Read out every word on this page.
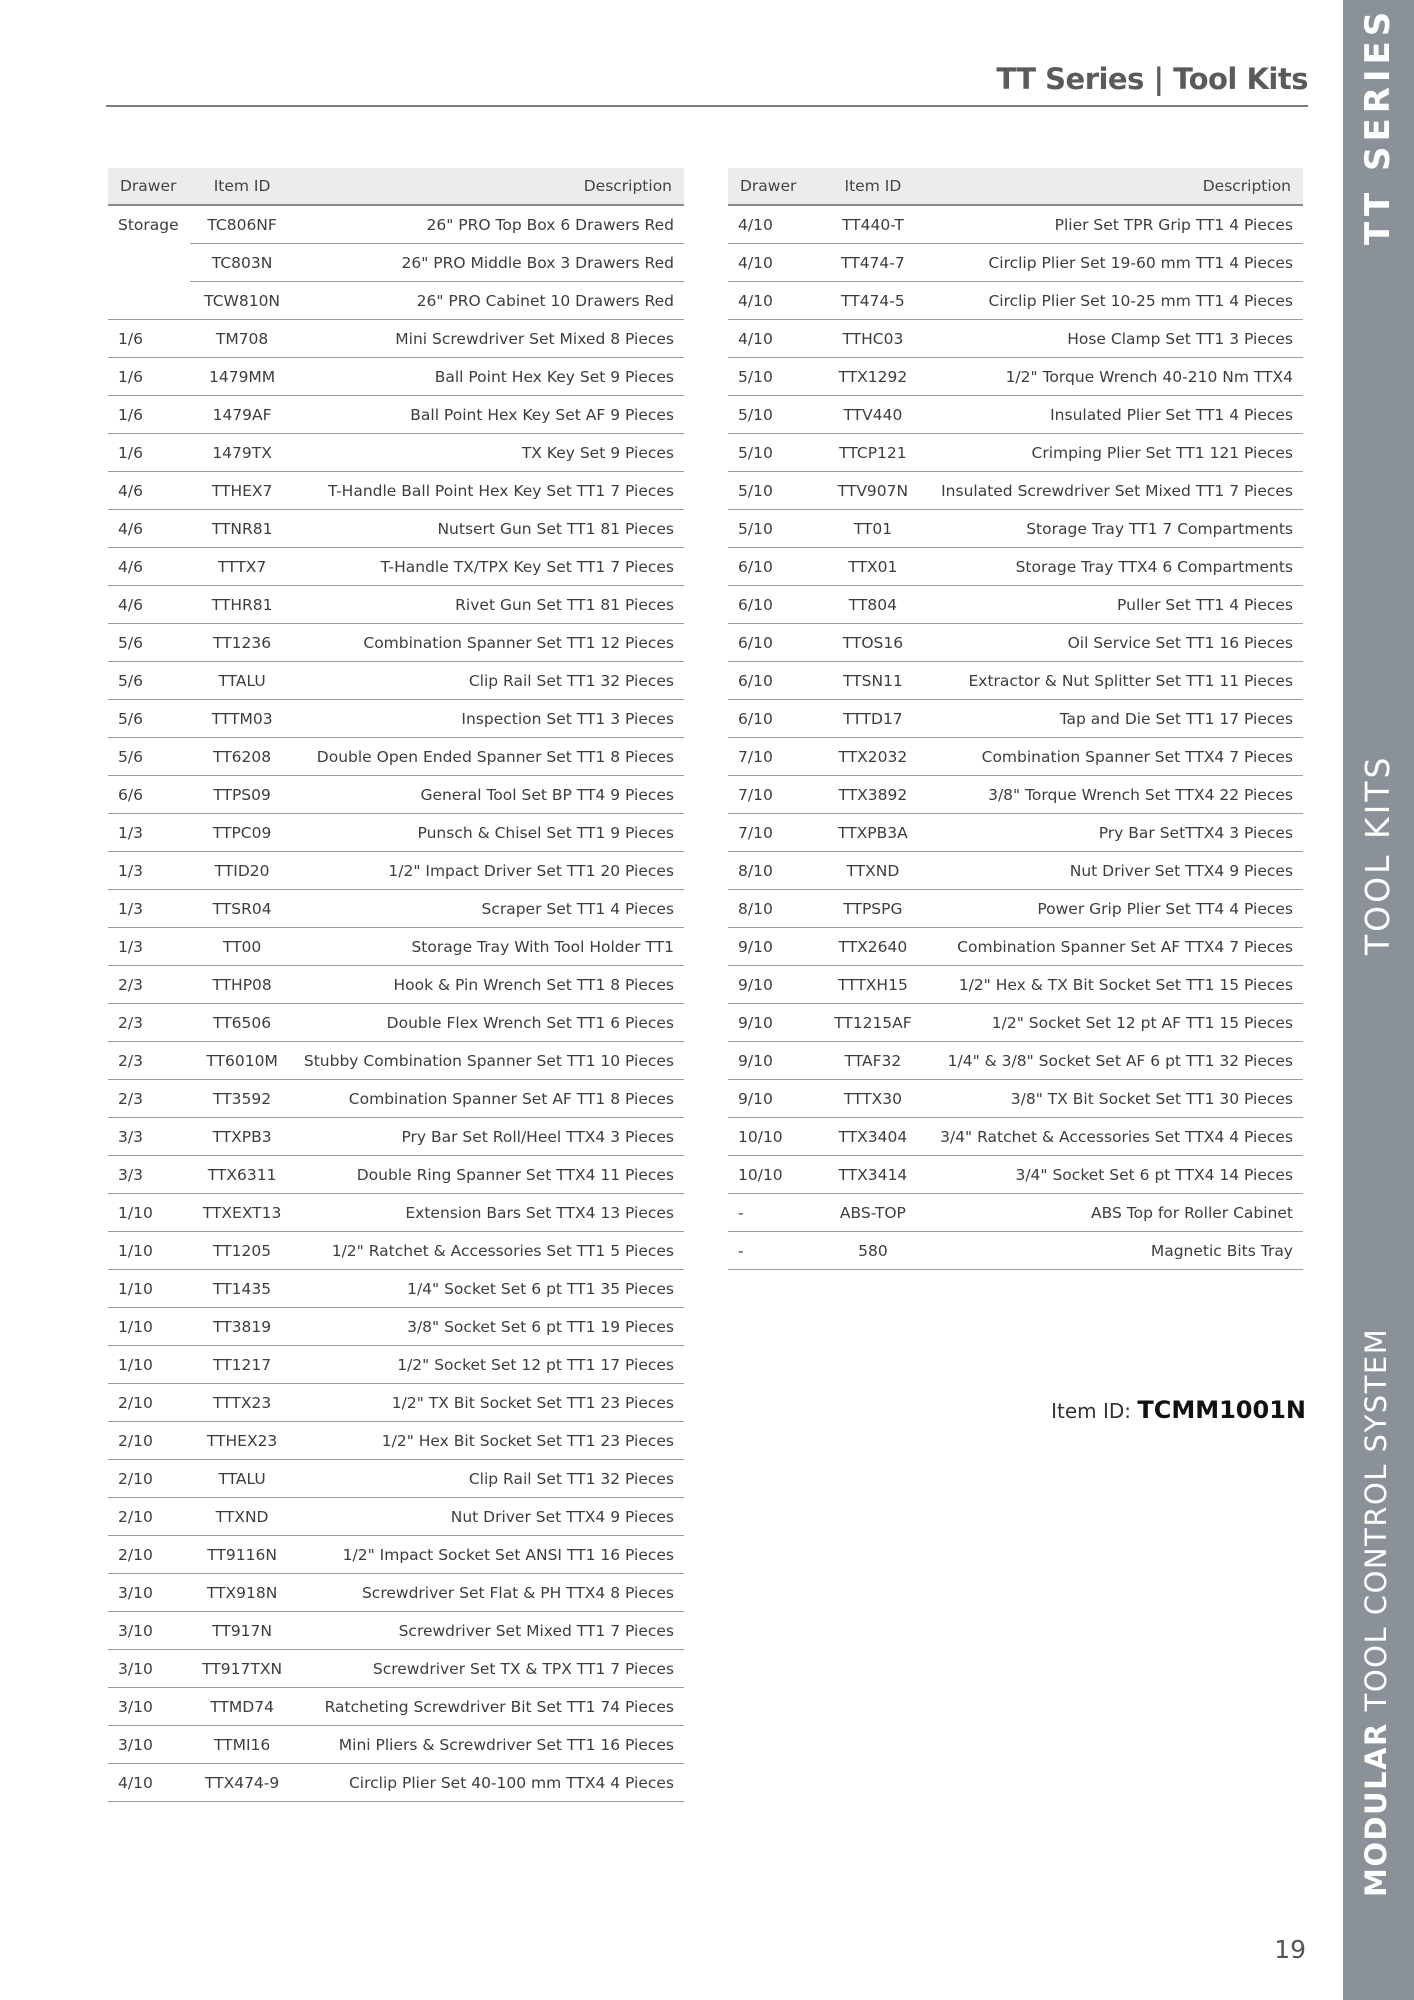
TT Series | Tool Kits
Drawer	Item ID	Description
Storage	TC806NF	26" PRO Top Box 6 Drawers Red
	TC803N	26" PRO Middle Box 3 Drawers Red
	TCW810N	26" PRO Cabinet 10 Drawers Red
1/6	TM708	Mini Screwdriver Set Mixed 8 Pieces
1/6	1479MM	Ball Point Hex Key Set 9 Pieces
1/6	1479AF	Ball Point Hex Key Set AF 9 Pieces
1/6	1479TX	TX Key Set 9 Pieces
4/6	TTHEX7	T-Handle Ball Point Hex Key Set TT1 7 Pieces
4/6	TTNR81	Nutsert Gun Set TT1 81 Pieces
4/6	TTTX7	T-Handle TX/TPX Key Set TT1 7 Pieces
4/6	TTHR81	Rivet Gun Set TT1 81 Pieces
5/6	TT1236	Combination Spanner Set TT1 12 Pieces
5/6	TTALU	Clip Rail Set TT1 32 Pieces
5/6	TTTM03	Inspection Set TT1 3 Pieces
5/6	TT6208	Double Open Ended Spanner Set TT1 8 Pieces
6/6	TTPS09	General Tool Set BP TT4 9 Pieces
1/3	TTPC09	Punsch & Chisel Set TT1 9 Pieces
1/3	TTID20	1/2" Impact Driver Set TT1 20 Pieces
1/3	TTSR04	Scraper Set TT1 4 Pieces
1/3	TT00	Storage Tray With Tool Holder TT1
2/3	TTHP08	Hook & Pin Wrench Set TT1 8 Pieces
2/3	TT6506	Double Flex Wrench Set TT1 6 Pieces
2/3	TT6010M	Stubby Combination Spanner Set TT1 10 Pieces
2/3	TT3592	Combination Spanner Set AF TT1 8 Pieces
3/3	TTXPB3	Pry Bar Set Roll/Heel TTX4 3 Pieces
3/3	TTX6311	Double Ring Spanner Set TTX4 11 Pieces
1/10	TTXEXT13	Extension Bars Set TTX4 13 Pieces
1/10	TT1205	1/2" Ratchet & Accessories Set TT1 5 Pieces
1/10	TT1435	1/4" Socket Set 6 pt TT1 35 Pieces
1/10	TT3819	3/8" Socket Set 6 pt TT1 19 Pieces
1/10	TT1217	1/2" Socket Set 12 pt TT1 17 Pieces
2/10	TTTX23	1/2" TX Bit Socket Set TT1 23 Pieces
2/10	TTHEX23	1/2" Hex Bit Socket Set TT1 23 Pieces
2/10	TTALU	Clip Rail Set TT1 32 Pieces
2/10	TTXND	Nut Driver Set TTX4 9 Pieces
2/10	TT9116N	1/2" Impact Socket Set ANSI TT1 16 Pieces
3/10	TTX918N	Screwdriver Set Flat & PH TTX4 8 Pieces
3/10	TT917N	Screwdriver Set Mixed TT1 7 Pieces
3/10	TT917TXN	Screwdriver Set TX & TPX TT1 7 Pieces
3/10	TTMD74	Ratcheting Screwdriver Bit Set TT1 74 Pieces
3/10	TTMI16	Mini Pliers & Screwdriver Set TT1 16 Pieces
4/10	TTX474-9	Circlip Plier Set 40-100 mm TTX4 4 Pieces
Drawer	Item ID	Description
4/10	TT440-T	Plier Set TPR Grip TT1 4 Pieces
4/10	TT474-7	Circlip Plier Set 19-60 mm TT1 4 Pieces
4/10	TT474-5	Circlip Plier Set 10-25 mm TT1 4 Pieces
4/10	TTHC03	Hose Clamp Set TT1 3 Pieces
5/10	TTX1292	1/2" Torque Wrench 40-210 Nm TTX4
5/10	TTV440	Insulated Plier Set TT1 4 Pieces
5/10	TTCP121	Crimping Plier Set TT1 121 Pieces
5/10	TTV907N	Insulated Screwdriver Set Mixed TT1 7 Pieces
5/10	TT01	Storage Tray TT1 7 Compartments
6/10	TTX01	Storage Tray TTX4 6 Compartments
6/10	TT804	Puller Set TT1 4 Pieces
6/10	TTOS16	Oil Service Set TT1 16 Pieces
6/10	TTSN11	Extractor & Nut Splitter Set TT1 11 Pieces
6/10	TTTD17	Tap and Die Set TT1 17 Pieces
7/10	TTX2032	Combination Spanner Set TTX4 7 Pieces
7/10	TTX3892	3/8" Torque Wrench Set TTX4 22 Pieces
7/10	TTXPB3A	Pry Bar SetTTX4 3 Pieces
8/10	TTXND	Nut Driver Set TTX4 9 Pieces
8/10	TTPSPG	Power Grip Plier Set TT4 4 Pieces
9/10	TTX2640	Combination Spanner Set AF TTX4 7 Pieces
9/10	TTTXH15	1/2" Hex & TX Bit Socket Set TT1 15 Pieces
9/10	TT1215AF	1/2" Socket Set 12 pt AF TT1 15 Pieces
9/10	TTAF32	1/4" & 3/8" Socket Set AF 6 pt TT1 32 Pieces
9/10	TTTX30	3/8" TX Bit Socket Set TT1 30 Pieces
10/10	TTX3404	3/4" Ratchet & Accessories Set TTX4 4 Pieces
10/10	TTX3414	3/4" Socket Set 6 pt TTX4 14 Pieces
-	ABS-TOP	ABS Top for Roller Cabinet
-	580	Magnetic Bits Tray
Item ID: TCMM1001N
19
TT SERIES
TOOL KITS
MODULAR TOOL CONTROL SYSTEM
